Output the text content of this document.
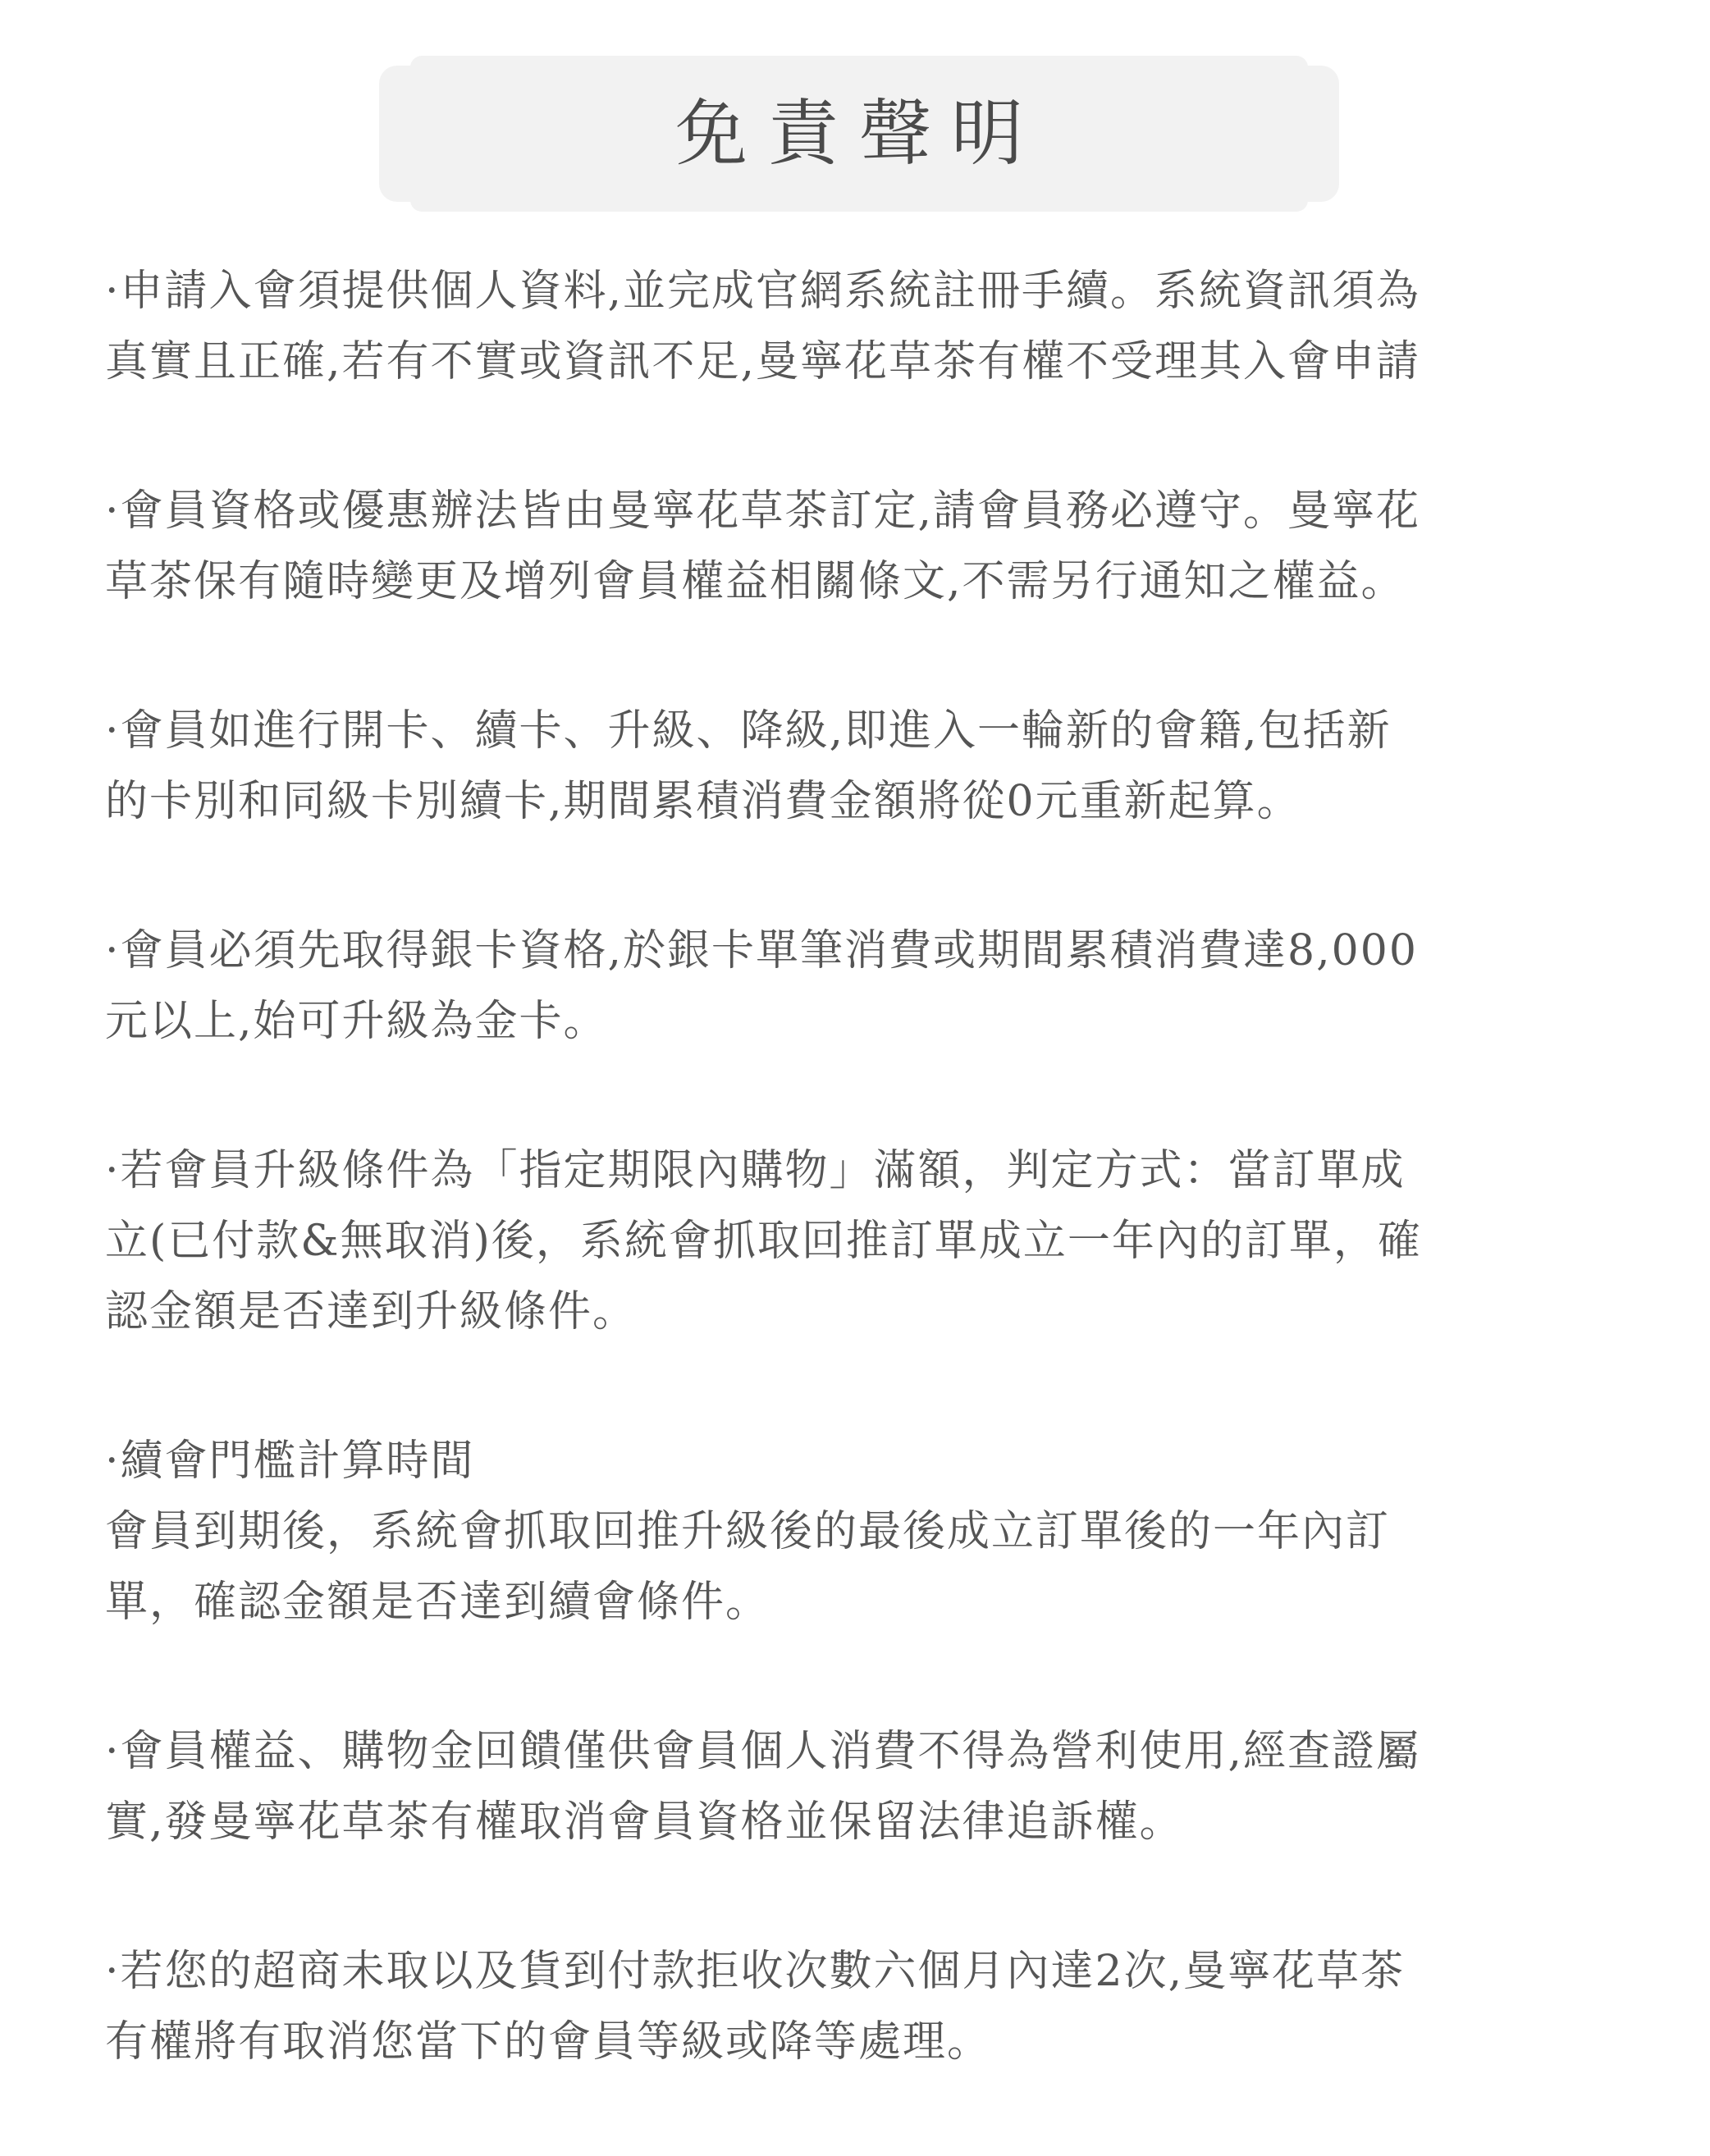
免責聲明

·申請入會須提供個人資料,並完成官網系統註冊手續。系統資訊須為
真實且正確,若有不實或資訊不足,曼寧花草茶有權不受理其入會申請

·會員資格或優惠辦法皆由曼寧花草茶訂定,請會員務必遵守。曼寧花
草茶保有隨時變更及增列會員權益相關條文,不需另行通知之權益。

·會員如進行開卡、續卡、升級、降級,即進入一輪新的會籍,包括新
的卡別和同級卡別續卡,期間累積消費金額將從0元重新起算。

·會員必須先取得銀卡資格,於銀卡單筆消費或期間累積消費達8,000
元以上,始可升級為金卡。

·若會員升級條件為「指定期限內購物」滿額，判定方式：當訂單成
立(已付款&無取消)後，系統會抓取回推訂單成立一年內的訂單，確
認金額是否達到升級條件。

·續會門檻計算時間
會員到期後，系統會抓取回推升級後的最後成立訂單後的一年內訂
單，確認金額是否達到續會條件。

·會員權益、購物金回饋僅供會員個人消費不得為營利使用,經查證屬
實,發曼寧花草茶有權取消會員資格並保留法律追訴權。

·若您的超商未取以及貨到付款拒收次數六個月內達2次,曼寧花草茶
有權將有取消您當下的會員等級或降等處理。
